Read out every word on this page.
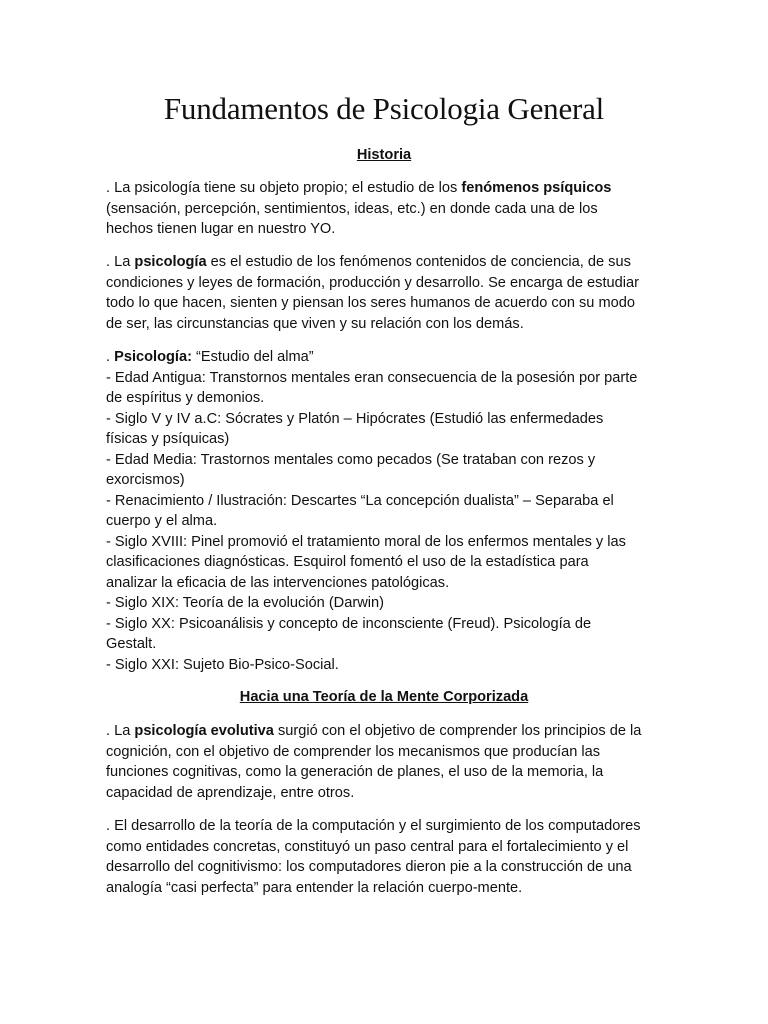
Fundamentos de Psicologia General
Historia

. La psicología tiene su objeto propio; el estudio de los fenómenos psíquicos
(sensación, percepción, sentimientos, ideas, etc.) en donde cada una de los
hechos tienen lugar en nuestro YO.

. La psicología es el estudio de los fenómenos contenidos de conciencia, de sus
condiciones y leyes de formación, producción y desarrollo. Se encarga de estudiar
todo lo que hacen, sienten y piensan los seres humanos de acuerdo con su modo
de ser, las circunstancias que viven y su relación con los demás.

. Psicología: “Estudio del alma”
- Edad Antigua: Transtornos mentales eran consecuencia de la posesión por parte
de espíritus y demonios.
- Siglo V y IV a.C: Sócrates y Platón – Hipócrates (Estudió las enfermedades
físicas y psíquicas)
- Edad Media: Trastornos mentales como pecados (Se trataban con rezos y
exorcismos)
- Renacimiento / Ilustración: Descartes “La concepción dualista” – Separaba el
cuerpo y el alma.
- Siglo XVIII: Pinel promovió el tratamiento moral de los enfermos mentales y las
clasificaciones diagnósticas. Esquirol fomentó el uso de la estadística para
analizar la eficacia de las intervenciones patológicas.
- Siglo XIX: Teoría de la evolución (Darwin)
- Siglo XX: Psicoanálisis y concepto de inconsciente (Freud). Psicología de
Gestalt.
- Siglo XXI: Sujeto Bio-Psico-Social.

Hacia una Teoría de la Mente Corporizada

. La psicología evolutiva surgió con el objetivo de comprender los principios de la
cognición, con el objetivo de comprender los mecanismos que producían las
funciones cognitivas, como la generación de planes, el uso de la memoria, la
capacidad de aprendizaje, entre otros.

. El desarrollo de la teoría de la computación y el surgimiento de los computadores
como entidades concretas, constituyó un paso central para el fortalecimiento y el
desarrollo del cognitivismo: los computadores dieron pie a la construcción de una
analogía “casi perfecta” para entender la relación cuerpo-mente.
